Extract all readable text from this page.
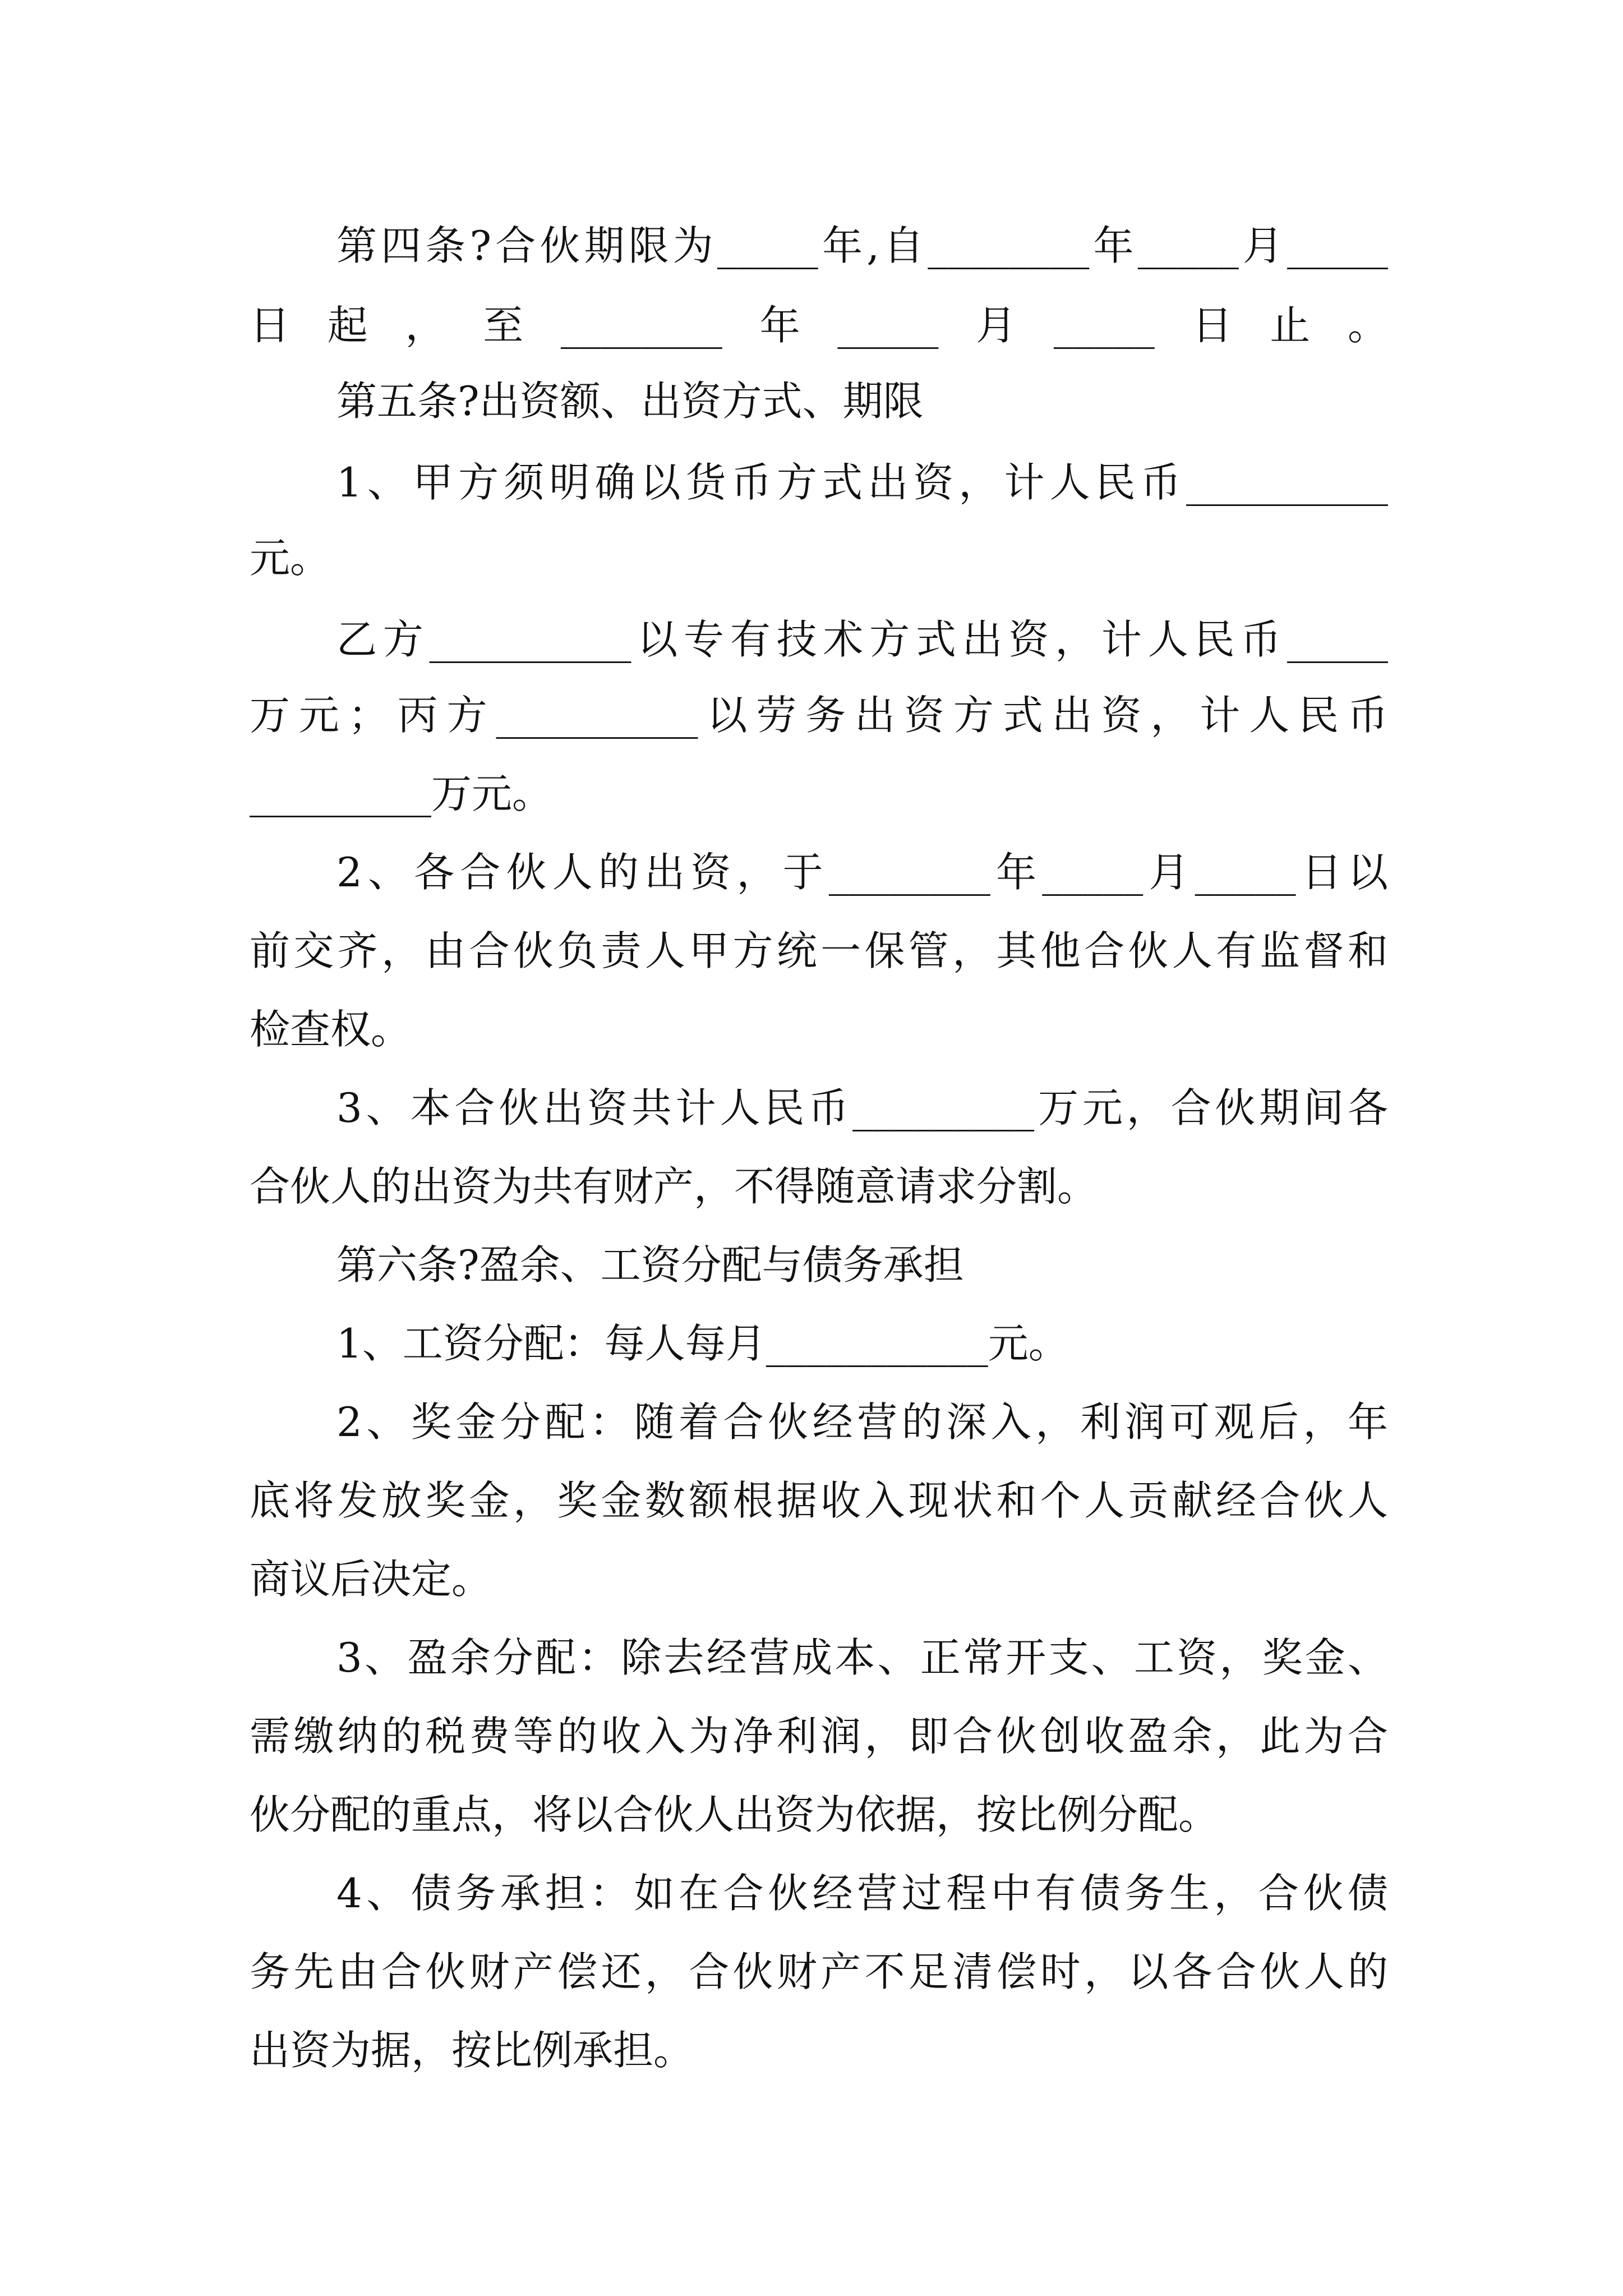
第四条?合伙期限为_____年,自________年_____月_____
日起，至________年_____月_____日止。
第五条?出资额、出资方式、期限
1、甲方须明确以货币方式出资，计人民币__________
元。
乙方__________以专有技术方式出资，计人民币_____
万元；丙方__________以劳务出资方式出资，计人民币
_________万元。
2、各合伙人的出资，于________年_____月_____日以
前交齐，由合伙负责人甲方统一保管，其他合伙人有监督和
检查权。
3、本合伙出资共计人民币_________万元，合伙期间各
合伙人的出资为共有财产，不得随意请求分割。
第六条?盈余、工资分配与债务承担
1、工资分配：每人每月___________元。
2、奖金分配：随着合伙经营的深入，利润可观后，年
底将发放奖金，奖金数额根据收入现状和个人贡献经合伙人
商议后决定。
3、盈余分配：除去经营成本、正常开支、工资，奖金、
需缴纳的税费等的收入为净利润，即合伙创收盈余，此为合
伙分配的重点，将以合伙人出资为依据，按比例分配。
4、债务承担：如在合伙经营过程中有债务生，合伙债
务先由合伙财产偿还，合伙财产不足清偿时，以各合伙人的
出资为据，按比例承担。
